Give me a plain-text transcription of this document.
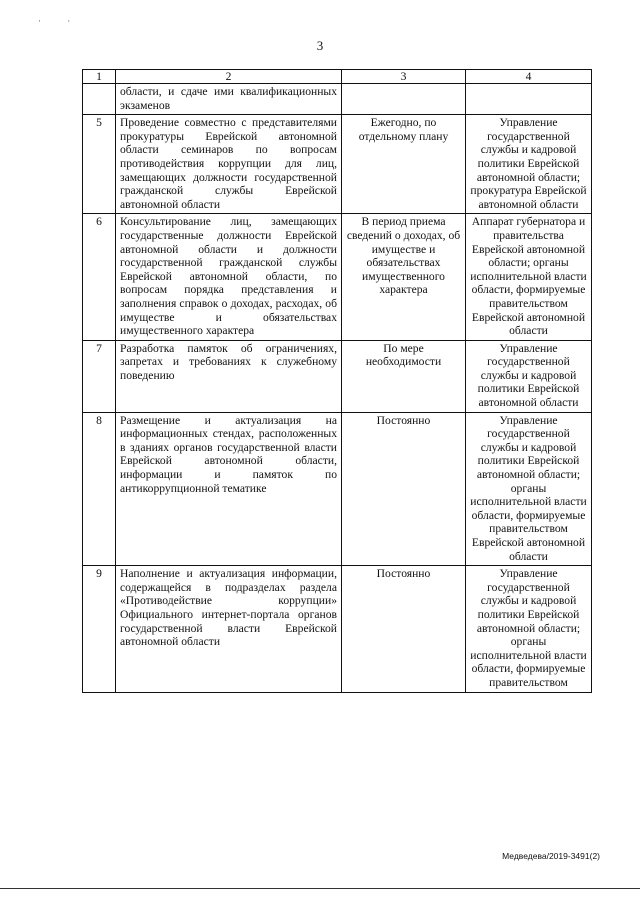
· ·
3
1	2	3	4
	области, и сдаче ими квалификационных экзаменов		
5	Проведение совместно с представителями прокуратуры Еврейской автономной области семинаров по вопросам противодействия коррупции для лиц, замещающих должности государственной гражданской службы Еврейской автономной области	Ежегодно, по отдельному плану	Управление государственной службы и кадровой политики Еврейской автономной области; прокуратура Еврейской автономной области
6	Консультирование лиц, замещающих государственные должности Еврейской автономной области и должности государственной гражданской службы Еврейской автономной области, по вопросам порядка представления и заполнения справок о доходах, расходах, об имуществе и обязательствах имущественного характера	В период приема сведений о доходах, об имуществе и обязательствах имущественного характера	Аппарат губернатора и правительства Еврейской автономной области; органы исполнительной власти области, формируемые правительством Еврейской автономной области
7	Разработка памяток об ограничениях, запретах и требованиях к служебному поведению	По мере необходимости	Управление государственной службы и кадровой политики Еврейской автономной области
8	Размещение и актуализация на информационных стендах, расположенных в зданиях органов государственной власти Еврейской автономной области, информации и памяток по антикоррупционной тематике	Постоянно	Управление государственной службы и кадровой политики Еврейской автономной области; органы исполнительной власти области, формируемые правительством Еврейской автономной области
9	Наполнение и актуализация информации, содержащейся в подразделах раздела «Противодействие коррупции» Официального интернет-портала органов государственной власти Еврейской автономной области	Постоянно	Управление государственной службы и кадровой политики Еврейской автономной области; органы исполнительной власти области, формируемые правительством
Медведева/2019-3491(2)
